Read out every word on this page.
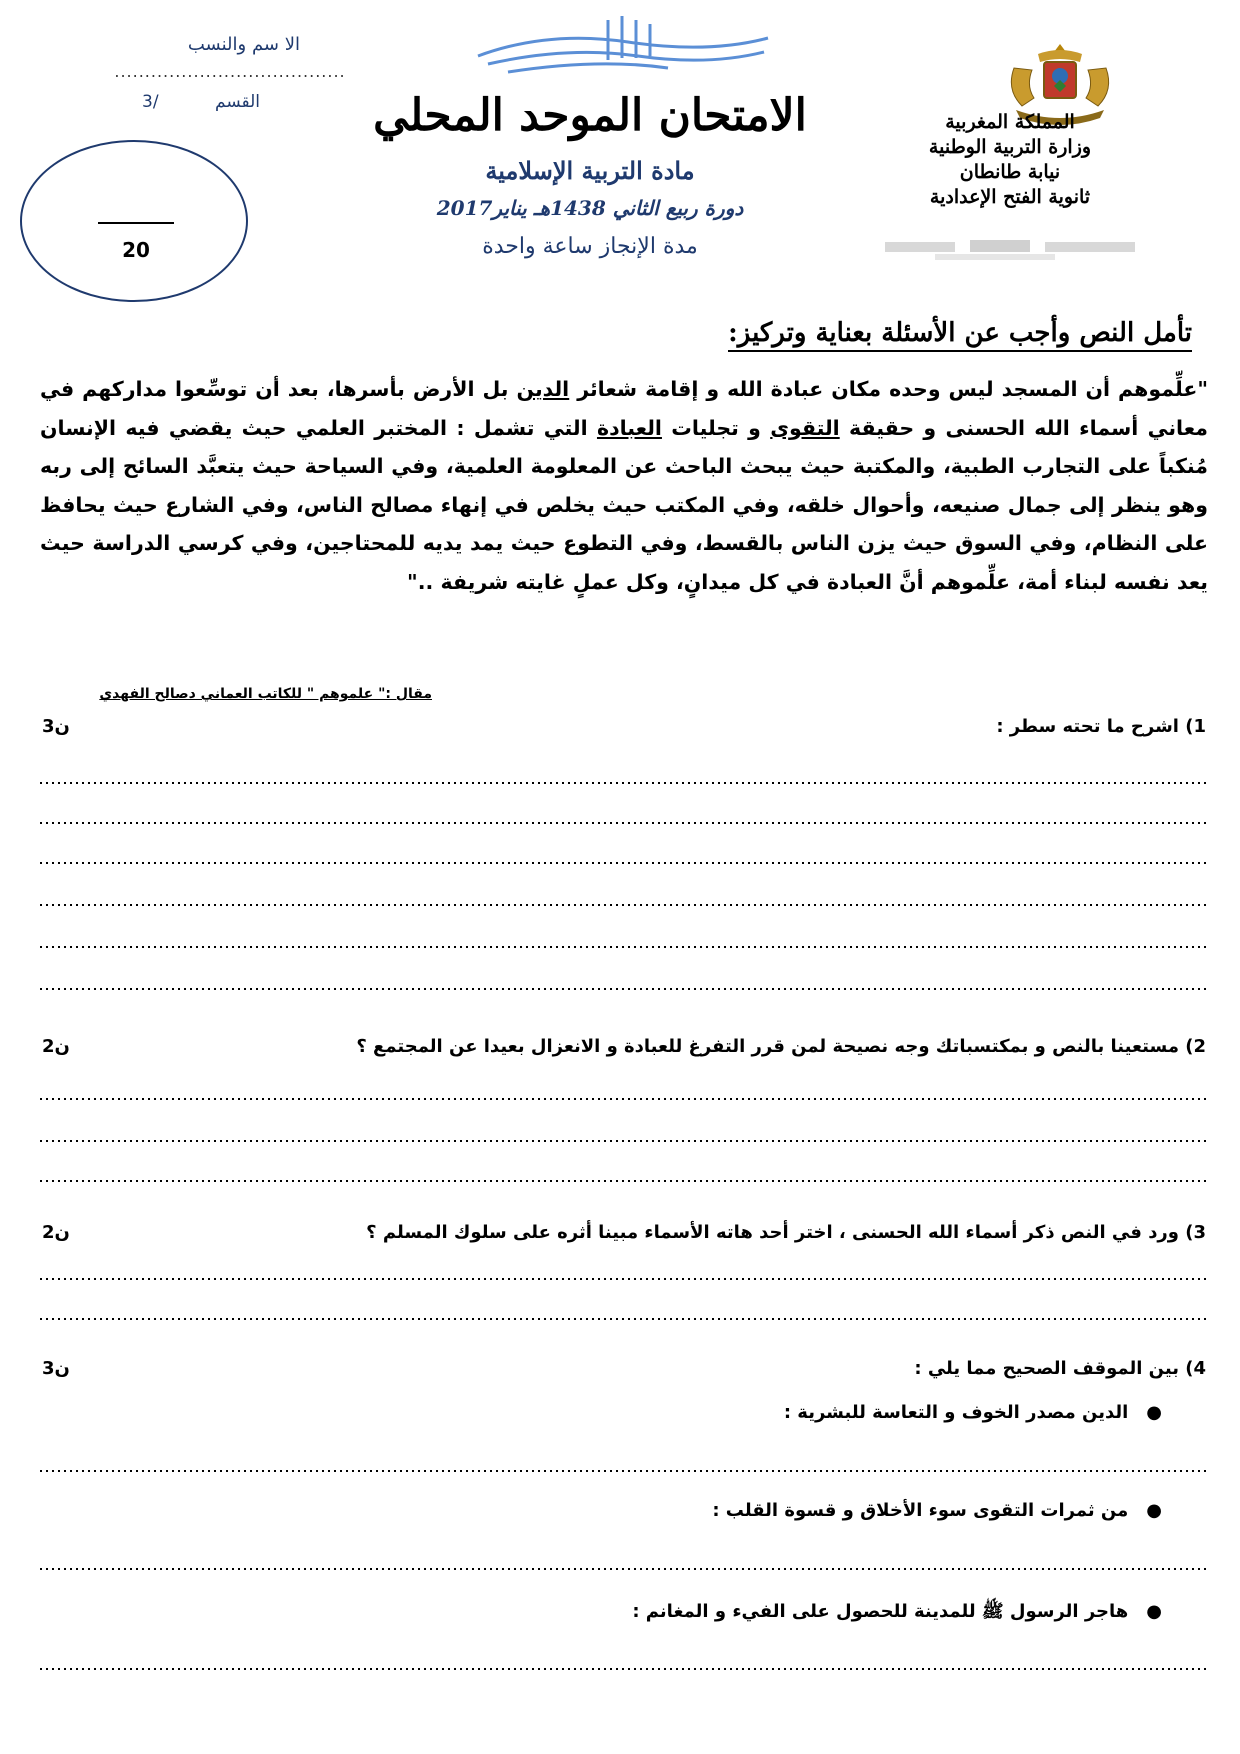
المملكة المغربية
وزارة التربية الوطنية
نيابة طانطان
ثانوية الفتح الإعدادية
الامتحان الموحد المحلي
مادة التربية الإسلامية
دورة ربيع الثاني 1438هـ يناير2017
مدة الإنجاز ساعة واحدة
الا سم والنسب
......................................
3/	القسم
20
تأمل النص وأجب عن الأسئلة بعناية وتركيز:
"علِّموهم أن المسجد ليس وحده مكان عبادة الله و إقامة شعائر الدين بل الأرض بأسرها، بعد أن توسِّعوا مداركهم في معاني أسماء الله الحسنى و حقيقة التقوى و تجليات العبادة التي تشمل : المختبر العلمي حيث يقضي فيه الإنسان مُنكباً على التجارب الطبية، والمكتبة حيث يبحث الباحث عن المعلومة العلمية، وفي السياحة حيث يتعبَّد السائح إلى ربه وهو ينظر إلى جمال صنيعه، وأحوال خلقه، وفي المكتب حيث يخلص في إنهاء مصالح الناس، وفي الشارع حيث يحافظ على النظام، وفي السوق حيث يزن الناس بالقسط، وفي التطوع حيث يمد يديه للمحتاجين، وفي كرسي الدراسة حيث يعد نفسه لبناء أمة، علِّموهم أنَّ العبادة في كل ميدانٍ، وكل عملٍ غايته شريفة .."
مقال :" علموهم " للكاتب العماني دصالح الفهدي
1) اشرح ما تحته سطر :
3ن
2) مستعينا بالنص و بمكتسباتك وجه نصيحة لمن قرر التفرغ للعبادة و الانعزال بعيدا عن المجتمع ؟
2ن
3) ورد في النص ذكر أسماء الله الحسنى ، اختر أحد هاته الأسماء مبينا أثره على سلوك المسلم ؟
2ن
4) بين الموقف الصحيح مما يلي :
3ن
●الدين مصدر الخوف و التعاسة للبشرية :
●من ثمرات التقوى سوء الأخلاق و قسوة القلب :
●هاجر الرسول ﷺ للمدينة للحصول على الفيء و المغانم :
